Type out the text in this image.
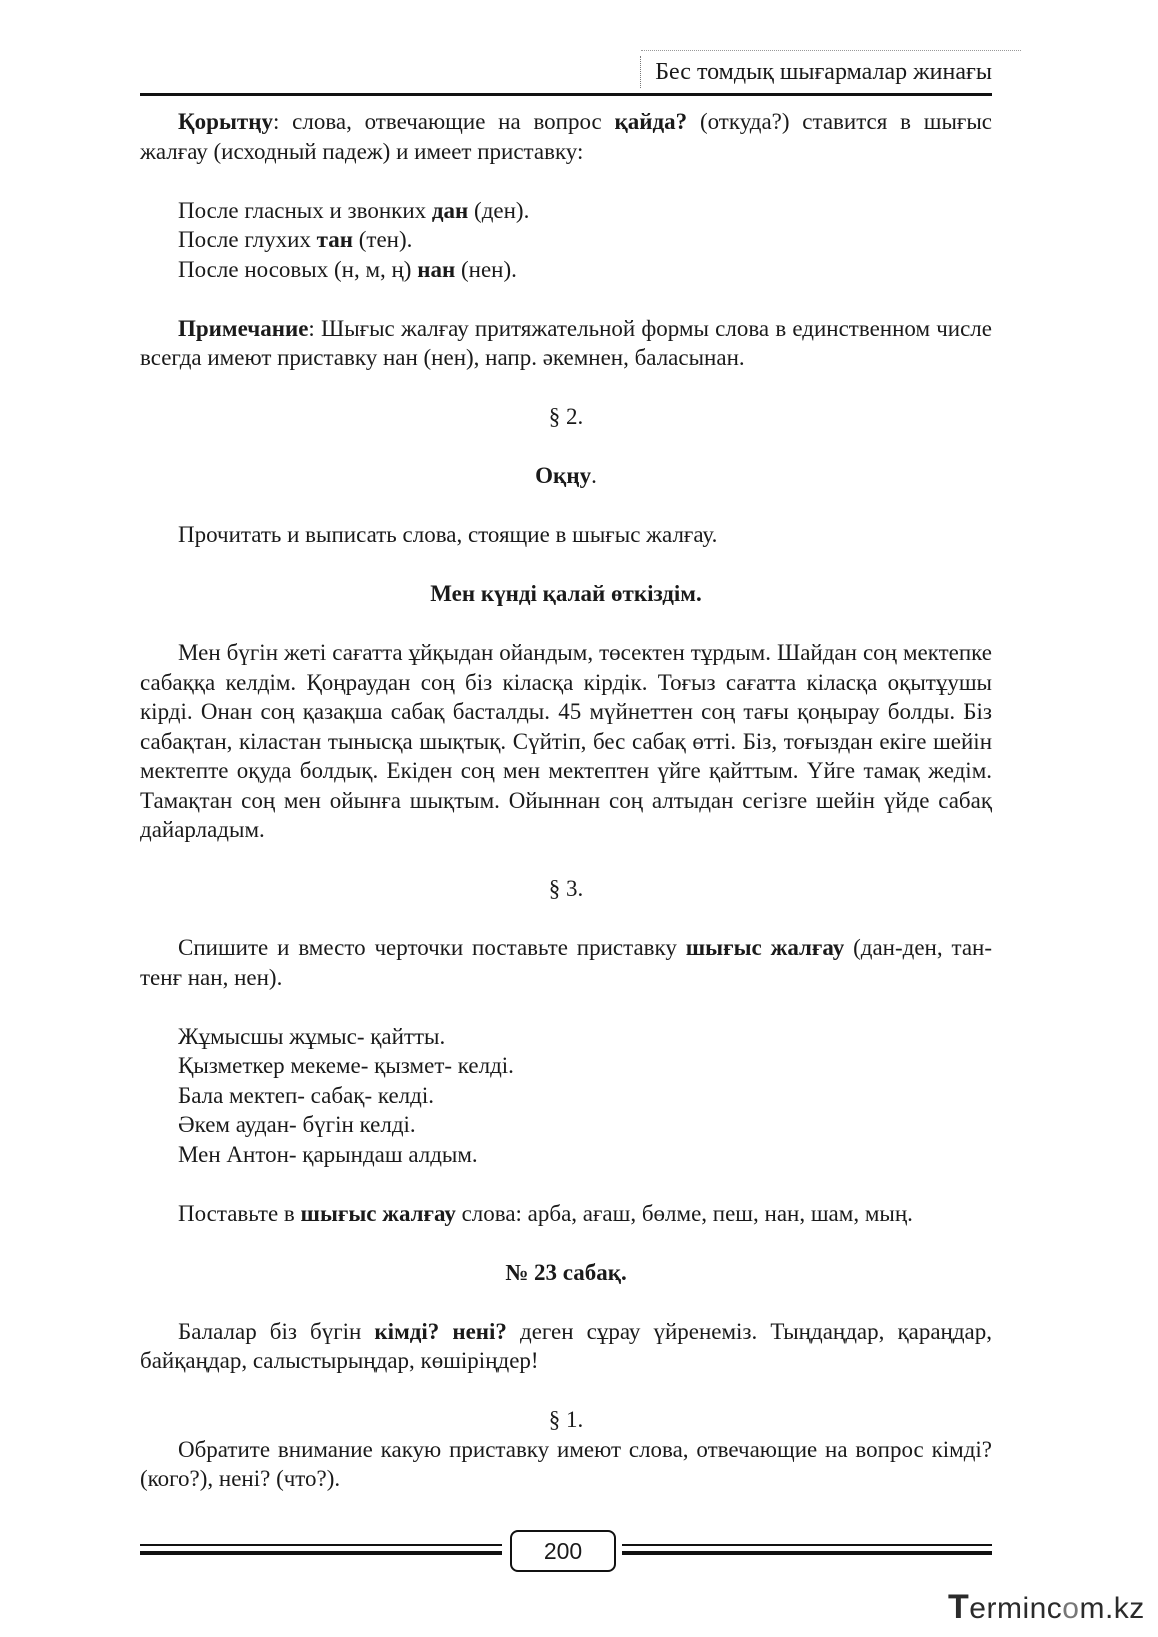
Бес томдық шығармалар жинағы

Қорытңу: слова, отвечающие на вопрос қайда? (откуда?) ставится в шығыс жалғау (исходный падеж) и имеет приставку:

После гласных и звонких дан (ден).

После глухих тан (тен).

После носовых (н, м, ң) нан (нен).

Примечание: Шығыс жалғау притяжательной формы слова в единственном числе всегда имеют приставку нан (нен), напр. әкемнен, баласынан.

§ 2.

Оқңу.

Прочитать и выписать слова, стоящие в шығыс жалғау.

Мен күнді қалай өткіздім.

Мен бүгін жеті сағатта ұйқыдан ойандым, төсектен тұрдым. Шайдан соң мектепке сабаққа келдім. Қоңраудан соң біз кіласқа кірдік. Тоғыз сағатта кіласқа оқытұушы кірді. Онан соң қазақша сабақ басталды. 45 мүйнеттен соң тағы қоңырау болды. Біз сабақтан, кіластан тынысқа шықтық. Сүйтіп, бес сабақ өтті. Біз, тоғыздан екіге шейін мектепте оқуда болдық. Екіден соң мен мектептен үйге қайттым. Үйге тамақ жедім. Тамақтан соң мен ойынға шықтым. Ойыннан соң алтыдан сегізге шейін үйде сабақ дайарладым.

§ 3.

Спишите и вместо черточки поставьте приставку шығыс жалғау (дан-ден, тан-тенғ нан, нен).

Жұмысшы жұмыс- қайтты.

Қызметкер мекеме- қызмет- келді.

Бала мектеп- сабақ- келді.

Әкем аудан- бүгін келді.

Мен Антон- қарындаш алдым.

Поставьте в шығыс жалғау слова: арба, ағаш, бөлме, пеш, нан, шам, мың.

№ 23 сабақ.

Балалар біз бүгін кімді? нені? деген сұрау үйренеміз. Тыңдаңдар, қараңдар, байқаңдар, салыстырыңдар, көшіріңдер!

§ 1.

Обратите внимание какую приставку имеют слова, отвечающие на вопрос кімді? (кого?), нені? (что?).

200
Termincom.kz
